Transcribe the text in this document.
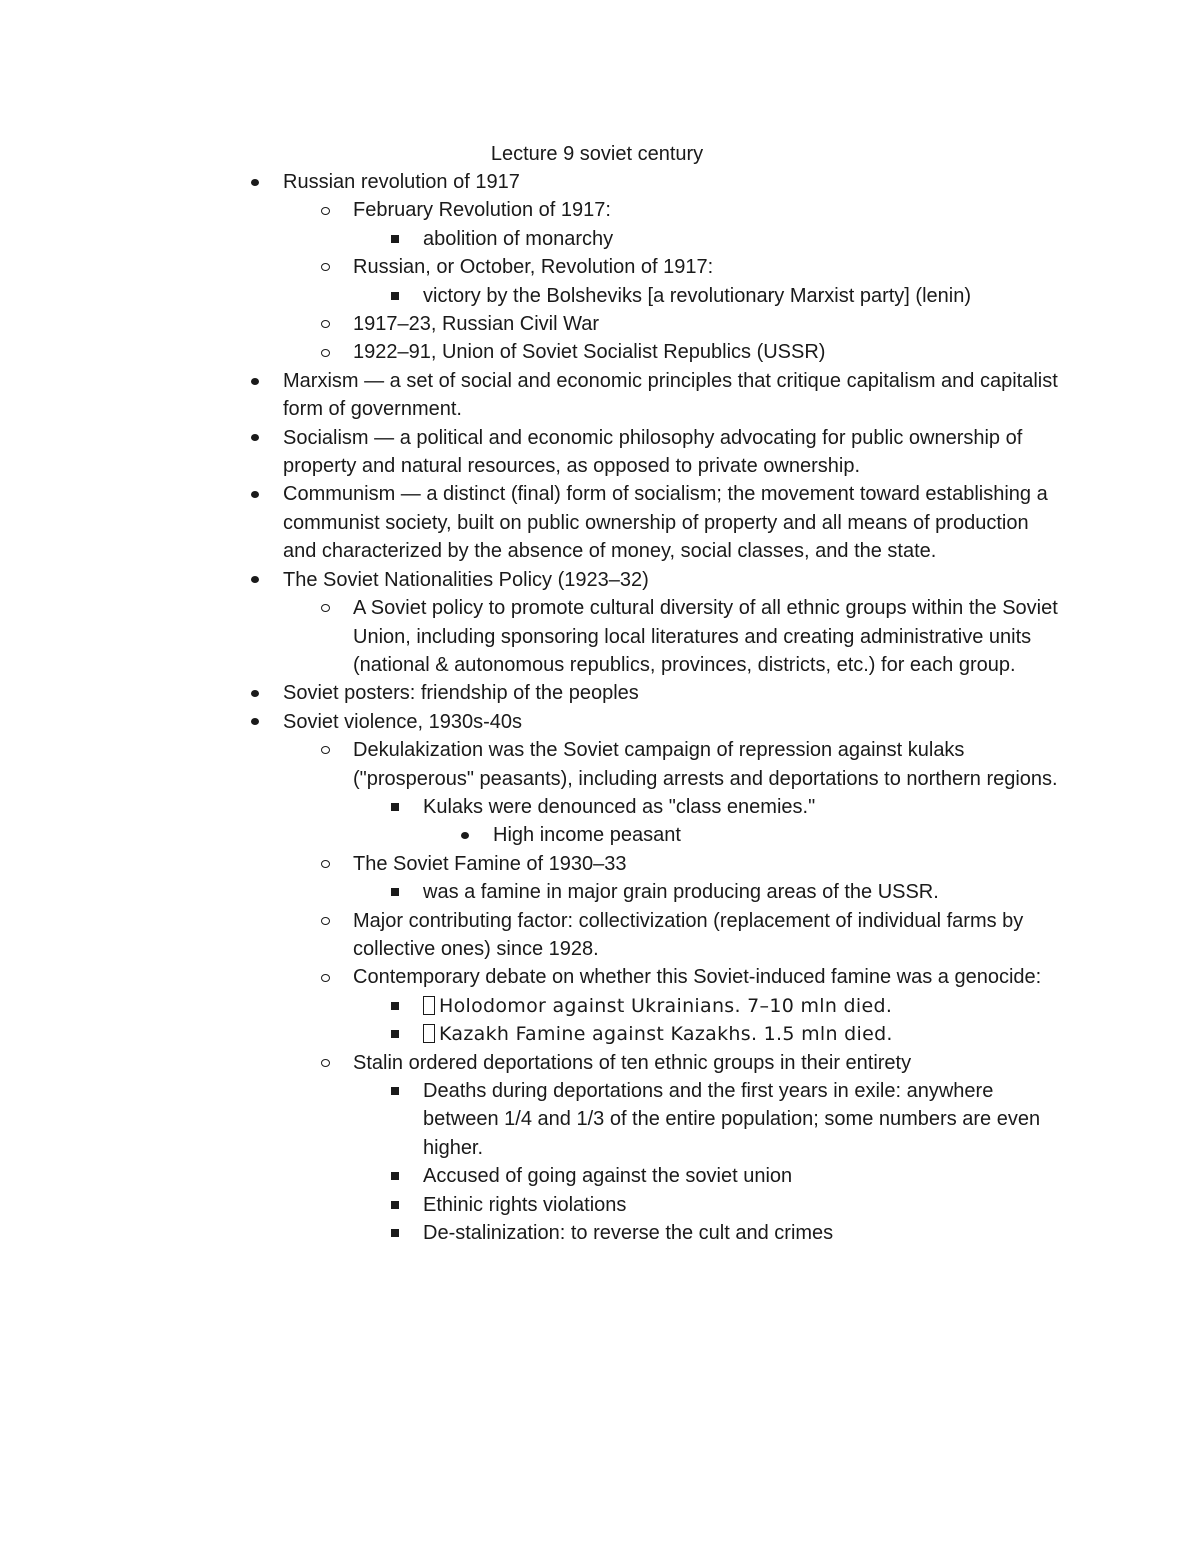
Lecture 9 soviet century
Russian revolution of 1917
February Revolution of 1917:
abolition of monarchy
Russian, or October, Revolution of 1917:
victory by the Bolsheviks [a revolutionary Marxist party] (lenin)
1917–23, Russian Civil War
1922–91, Union of Soviet Socialist Republics (USSR)
Marxism — a set of social and economic principles that critique capitalism and capitalist form of government.
Socialism — a political and economic philosophy advocating for public ownership of property and natural resources, as opposed to private ownership.
Communism — a distinct (final) form of socialism; the movement toward establishing a communist society, built on public ownership of property and all means of production and characterized by the absence of money, social classes, and the state.
The Soviet Nationalities Policy (1923–32)
A Soviet policy to promote cultural diversity of all ethnic groups within the Soviet Union, including sponsoring local literatures and creating administrative units (national & autonomous republics, provinces, districts, etc.) for each group.
Soviet posters: friendship of the peoples
Soviet violence, 1930s-40s
Dekulakization was the Soviet campaign of repression against kulaks ("prosperous" peasants), including arrests and deportations to northern regions.
Kulaks were denounced as "class enemies."
High income peasant
The Soviet Famine of 1930–33
was a famine in major grain producing areas of the USSR.
Major contributing factor: collectivization (replacement of individual farms by collective ones) since 1928.
Contemporary debate on whether this Soviet-induced famine was a genocide:
Holodomor against Ukrainians. 7–10 mln died.
Kazakh Famine against Kazakhs. 1.5 mln died.
Stalin ordered deportations of ten ethnic groups in their entirety
Deaths during deportations and the first years in exile: anywhere between 1/4 and 1/3 of the entire population; some numbers are even higher.
Accused of going against the soviet union
Ethinic rights violations
De-stalinization: to reverse the cult and crimes
